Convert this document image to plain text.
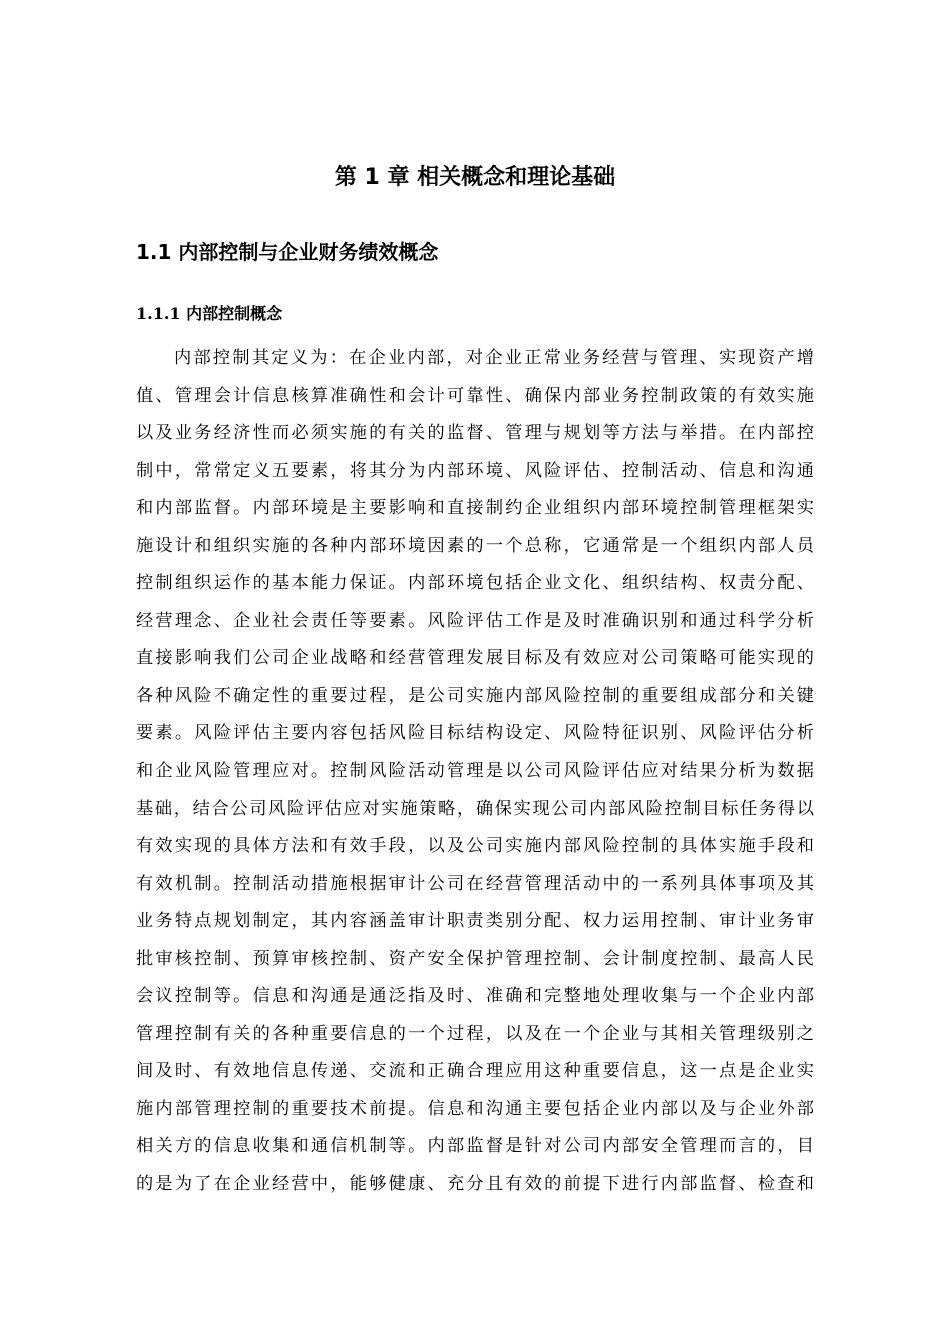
第 1 章 相关概念和理论基础
1.1 内部控制与企业财务绩效概念
1.1.1 内部控制概念
内部控制其定义为：在企业内部，对企业正常业务经营与管理、实现资产增
值、管理会计信息核算准确性和会计可靠性、确保内部业务控制政策的有效实施
以及业务经济性而必须实施的有关的监督、管理与规划等方法与举措。在内部控
制中，常常定义五要素，将其分为内部环境、风险评估、控制活动、信息和沟通
和内部监督。内部环境是主要影响和直接制约企业组织内部环境控制管理框架实
施设计和组织实施的各种内部环境因素的一个总称，它通常是一个组织内部人员
控制组织运作的基本能力保证。内部环境包括企业文化、组织结构、权责分配、
经营理念、企业社会责任等要素。风险评估工作是及时准确识别和通过科学分析
直接影响我们公司企业战略和经营管理发展目标及有效应对公司策略可能实现的
各种风险不确定性的重要过程，是公司实施内部风险控制的重要组成部分和关键
要素。风险评估主要内容包括风险目标结构设定、风险特征识别、风险评估分析
和企业风险管理应对。控制风险活动管理是以公司风险评估应对结果分析为数据
基础，结合公司风险评估应对实施策略，确保实现公司内部风险控制目标任务得以
有效实现的具体方法和有效手段，以及公司实施内部风险控制的具体实施手段和
有效机制。控制活动措施根据审计公司在经营管理活动中的一系列具体事项及其
业务特点规划制定，其内容涵盖审计职责类别分配、权力运用控制、审计业务审
批审核控制、预算审核控制、资产安全保护管理控制、会计制度控制、最高人民
会议控制等。信息和沟通是通泛指及时、准确和完整地处理收集与一个企业内部
管理控制有关的各种重要信息的一个过程，以及在一个企业与其相关管理级别之
间及时、有效地信息传递、交流和正确合理应用这种重要信息，这一点是企业实
施内部管理控制的重要技术前提。信息和沟通主要包括企业内部以及与企业外部
相关方的信息收集和通信机制等。内部监督是针对公司内部安全管理而言的，目
的是为了在企业经营中，能够健康、充分且有效的前提下进行内部监督、检查和
